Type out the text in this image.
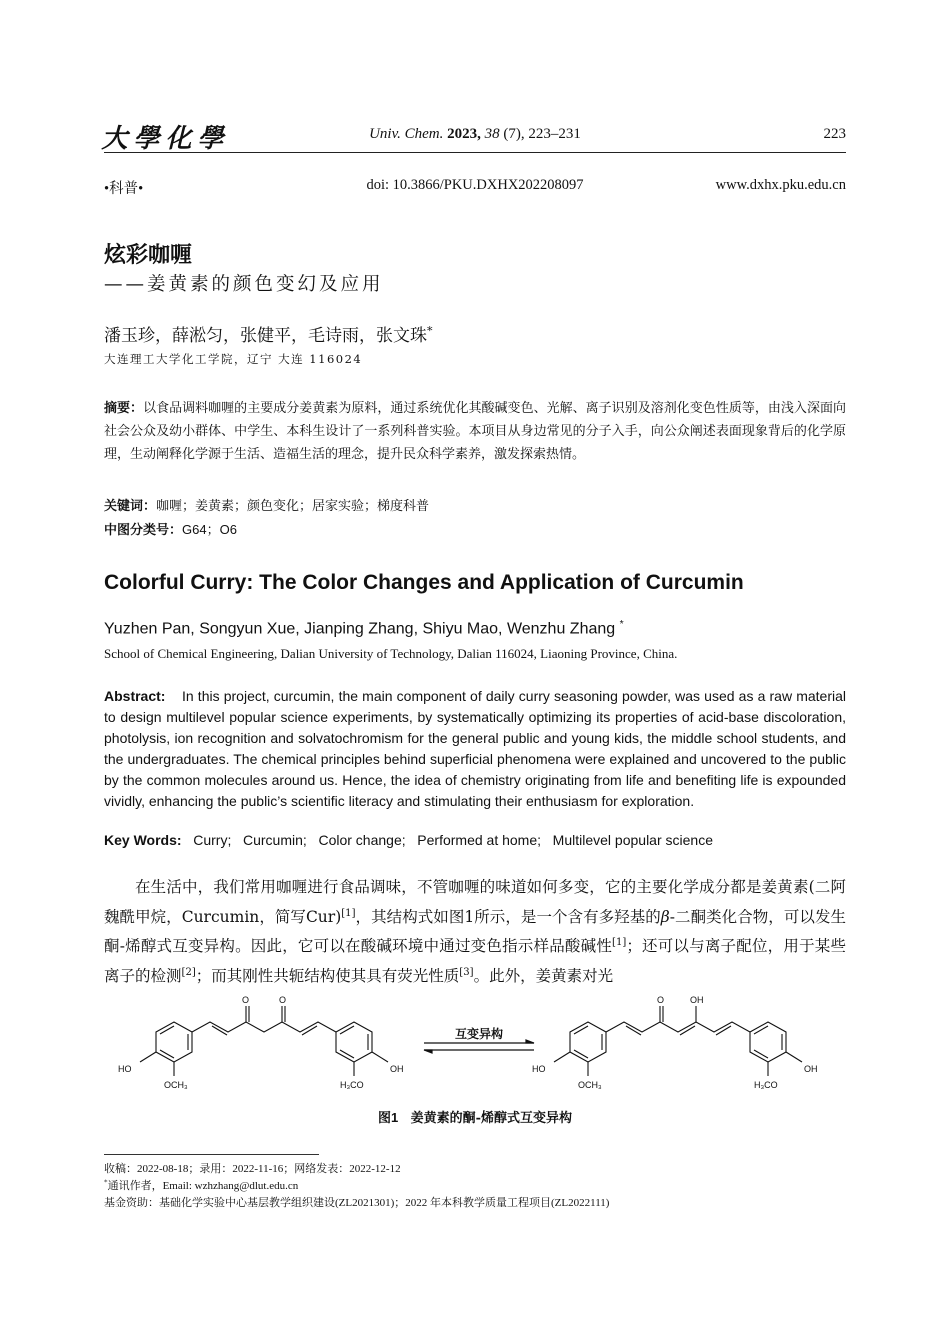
大學化學	Univ. Chem. 2023, 38 (7), 223–231	223
•科普•	doi: 10.3866/PKU.DXHX202208097	www.dxhx.pku.edu.cn
炫彩咖喱
——姜黄素的颜色变幻及应用
潘玉珍，薛淞匀，张健平，毛诗雨，张文珠*
大连理工大学化工学院，辽宁 大连 116024
摘要：以食品调料咖喱的主要成分姜黄素为原料，通过系统优化其酸碱变色、光解、离子识别及溶剂化变色性质等，由浅入深面向社会公众及幼小群体、中学生、本科生设计了一系列科普实验。本项目从身边常见的分子入手，向公众阐述表面现象背后的化学原理，生动阐释化学源于生活、造福生活的理念，提升民众科学素养，激发探索热情。
关键词：咖喱；姜黄素；颜色变化；居家实验；梯度科普
中图分类号：G64；O6
Colorful Curry: The Color Changes and Application of Curcumin
Yuzhen Pan, Songyun Xue, Jianping Zhang, Shiyu Mao, Wenzhu Zhang *
School of Chemical Engineering, Dalian University of Technology, Dalian 116024, Liaoning Province, China.
Abstract: In this project, curcumin, the main component of daily curry seasoning powder, was used as a raw material to design multilevel popular science experiments, by systematically optimizing its properties of acid-base discoloration, photolysis, ion recognition and solvatochromism for the general public and young kids, the middle school students, and the undergraduates. The chemical principles behind superficial phenomena were explained and uncovered to the public by the common molecules around us. Hence, the idea of chemistry originating from life and benefiting life is expounded vividly, enhancing the public’s scientific literacy and stimulating their enthusiasm for exploration.
Key Words: Curry;   Curcumin;   Color change;   Performed at home;   Multilevel popular science
在生活中，我们常用咖喱进行食品调味，不管咖喱的味道如何多变，它的主要化学成分都是姜黄素(二阿魏酰甲烷，Curcumin，简写Cur)[1]，其结构式如图1所示，是一个含有多羟基的β-二酮类化合物，可以发生酮-烯醇式互变异构。因此，它可以在酸碱环境中通过变色指示样品酸碱性[1]；还可以与离子配位，用于某些离子的检测[2]；而其刚性共轭结构使其具有荧光性质[3]。此外，姜黄素对光
O	O
HO
OCH₃
OH
H₃CO
互变异构
O	OH
HO
OCH₃
OH
H₃CO
图1 姜黄素的酮-烯醇式互变异构
收稿：2022-08-18；录用：2022-11-16；网络发表：2022-12-12
*通讯作者，Email: wzhzhang@dlut.edu.cn
基金资助：基础化学实验中心基层教学组织建设(ZL2021301)；2022 年本科教学质量工程项目(ZL2022111)
